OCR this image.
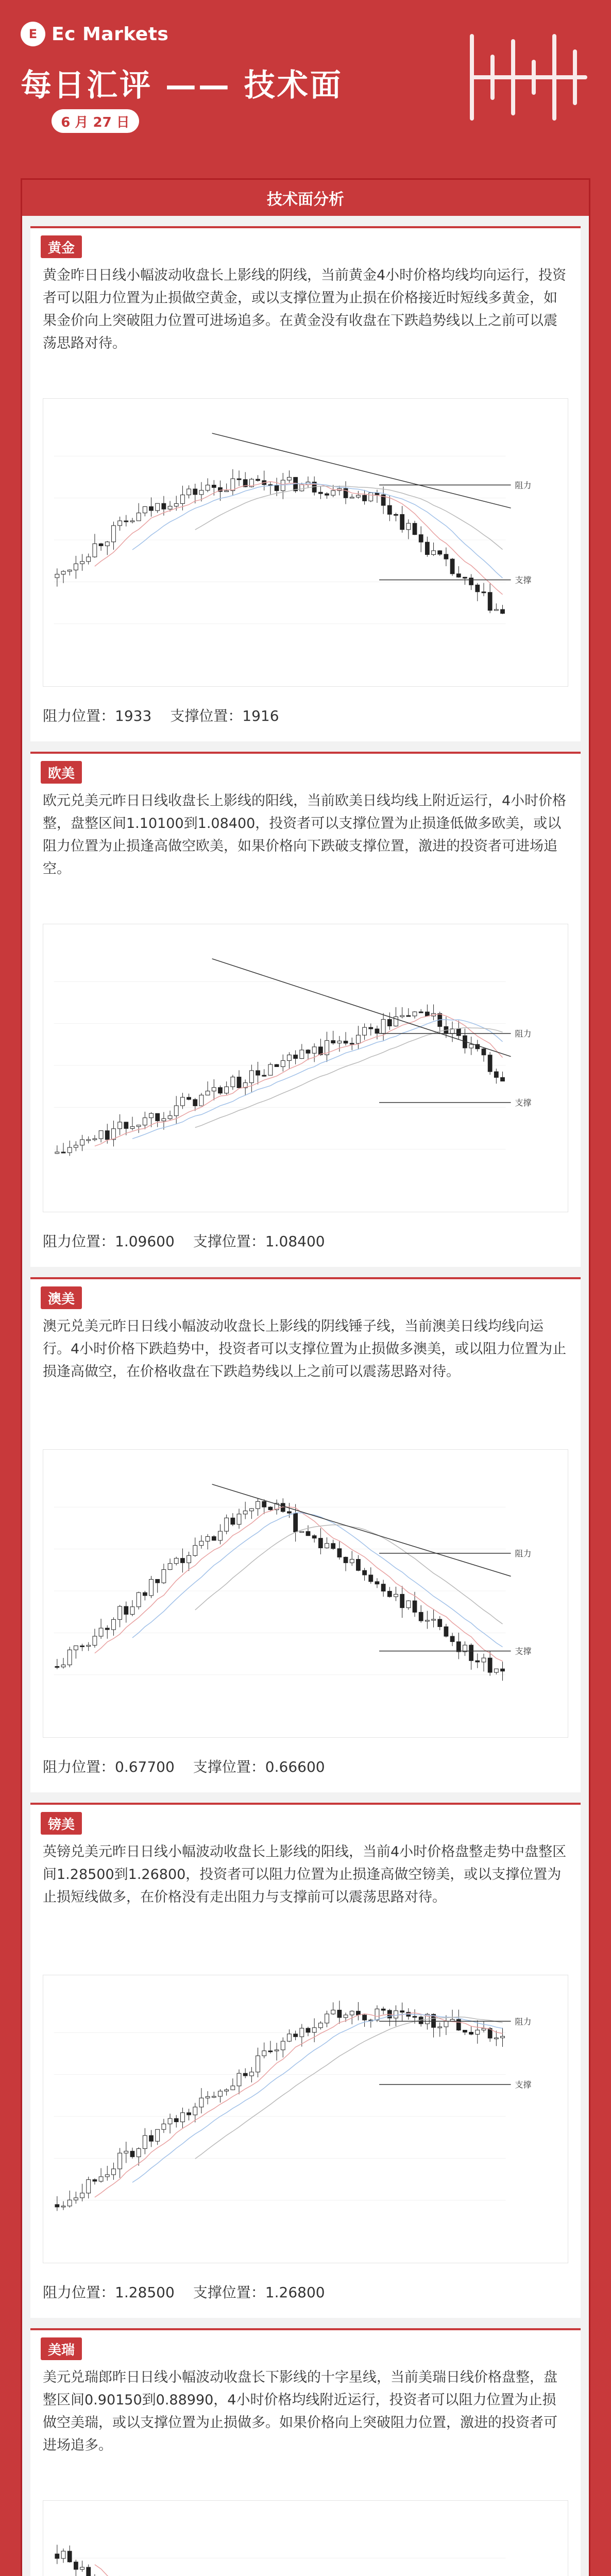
E Ec Markets
每日汇评 —— 技术面
6 月 27 日
技术面分析
黄金
黄金昨日日线小幅波动收盘长上影线的阴线，当前黄金4小时价格均线均向运行，投资者可以阻力位置为止损做空黄金，或以支撑位置为止损在价格接近时短线多黄金，如果金价向上突破阻力位置可进场追多。在黄金没有收盘在下跌趋势线以上之前可以震荡思路对待。
阻力
支撑
阻力位置：1933 支撑位置：1916
欧美
欧元兑美元昨日日线收盘长上影线的阳线，当前欧美日线均线上附近运行，4小时价格整，盘整区间1.10100到1.08400，投资者可以支撑位置为止损逢低做多欧美，或以阻力位置为止损逢高做空欧美，如果价格向下跌破支撑位置，激进的投资者可进场追空。
阻力
支撑
阻力位置：1.09600 支撑位置：1.08400
澳美
澳元兑美元昨日日线小幅波动收盘长上影线的阴线锤子线，当前澳美日线均线向运行。4小时价格下跌趋势中，投资者可以支撑位置为止损做多澳美，或以阻力位置为止损逢高做空，在价格收盘在下跌趋势线以上之前可以震荡思路对待。
阻力
支撑
阻力位置：0.67700 支撑位置：0.66600
镑美
英镑兑美元昨日日线小幅波动收盘长上影线的阳线，当前4小时价格盘整走势中盘整区间1.28500到1.26800，投资者可以阻力位置为止损逢高做空镑美，或以支撑位置为止损短线做多，在价格没有走出阻力与支撑前可以震荡思路对待。
阻力
支撑
阻力位置：1.28500 支撑位置：1.26800
美瑞
美元兑瑞郎昨日日线小幅波动收盘长下影线的十字星线，当前美瑞日线价格盘整，盘整区间0.90150到0.88990，4小时价格均线附近运行，投资者可以阻力位置为止损做空美瑞，或以支撑位置为止损做多。如果价格向上突破阻力位置，激进的投资者可进场追多。
